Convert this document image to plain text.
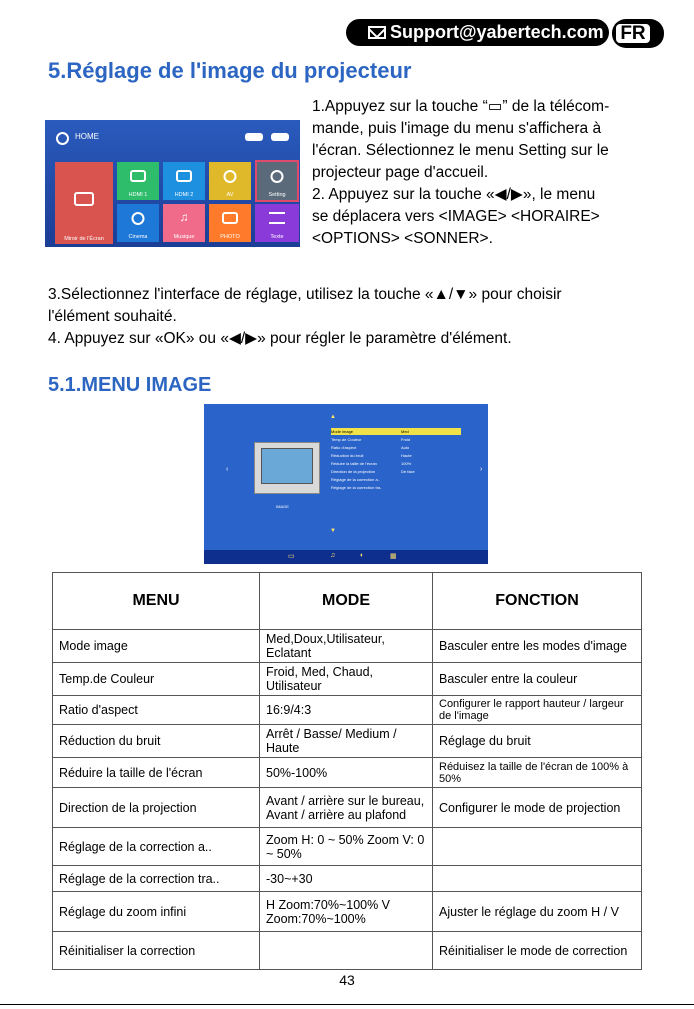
Support@yabertech.com FR
5.Réglage de l'image du projecteur
HOME
Miroir de l'Écran
HDMI 1	HDMI 2	AV	Setting
Cinema
♫
Musique	PHOTO	Texte
1.Appuyez sur la touche “▭” de la télécom-
mande, puis l'image du menu s'affichera à
l'écran. Sélectionnez le menu Setting sur le
projecteur page d'accueil.
2. Appuyez sur la touche «◀/▶», le menu
se déplacera vers <IMAGE> <HORAIRE>
<OPTIONS> <SONNER>.
3.Sélectionnez l'interface de réglage, utilisez la touche «▲/▼» pour choisir
l'élément souhaité.
4. Appuyez sur «OK» ou «◀/▶» pour régler le paramètre d'élément.
5.1.MENU IMAGE
IMAGE
‹	›
▲
▼
Mode image	Med
Temp.de Couleur	Froid
Ratio d'aspect	Auto
Réduction du bruit	Haute
Réduire la taille de l'écran	100%
Direction de la projection	De face
Réglage de la correction a..
Réglage de la correction tra..
▭	♫	◐	▦
MENU	MODE	FONCTION
Mode image	Med,Doux,Utilisateur, Eclatant	Basculer entre les modes d'image
Temp.de Couleur	Froid, Med, Chaud, Utilisateur	Basculer entre la couleur
Ratio d'aspect	16:9/4:3	Configurer le rapport hauteur / largeur de l'image
Réduction du bruit	Arrêt / Basse/ Medium / Haute	Réglage du bruit
Réduire la taille de l'écran	50%-100%	Réduisez la taille de l'écran de 100% à 50%
Direction de la projection	Avant / arrière sur le bureau, Avant / arrière au plafond	Configurer le mode de projection
Réglage de la correction a..	Zoom H: 0 ~ 50% Zoom V: 0 ~ 50%	
Réglage de la correction tra..	-30~+30	
Réglage du zoom infini	H Zoom:70%~100% V Zoom:70%~100%	Ajuster le réglage du zoom H / V
Réinitialiser la correction		Réinitialiser le mode de correction
43
